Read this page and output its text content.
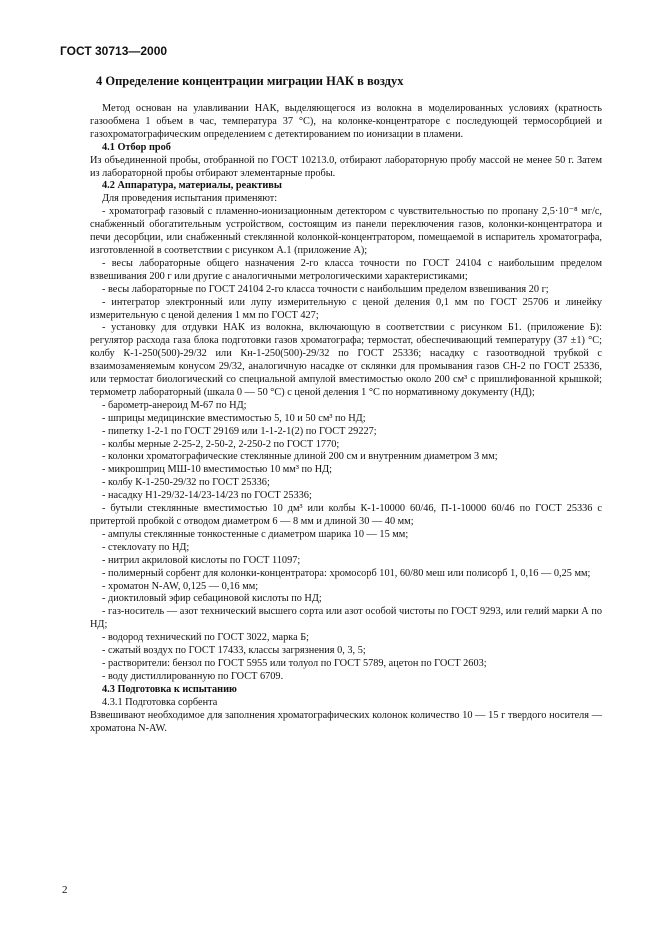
ГОСТ 30713—2000
4 Определение концентрации миграции НАК в воздух
Метод основан на улавливании НАК, выделяющегося из волокна в моделированных условиях (кратность газообмена 1 объем в час, температура 37 °С), на колонке-концентраторе с последующей термосорбцией и газохроматографическим определением с детектированием по ионизации в пламени.
4.1 Отбор проб
Из объединенной пробы, отобранной по ГОСТ 10213.0, отбирают лабораторную пробу массой не менее 50 г. Затем из лабораторной пробы отбирают элементарные пробы.
4.2 Аппаратура, материалы, реактивы
Для проведения испытания применяют:
- хроматограф газовый с пламенно-ионизационным детектором с чувствительностью по пропану 2,5·10⁻⁸ мг/с, снабженный обогатительным устройством, состоящим из панели переключения газов, колонки-концентратора и печи десорбции, или снабженный стеклянной колонкой-концентратором, помещаемой в испаритель хроматографа, изготовленной в соответствии с рисунком А.1 (приложение А);
- весы лабораторные общего назначения 2-го класса точности по ГОСТ 24104 с наибольшим пределом взвешивания 200 г или другие с аналогичными метрологическими характеристиками;
- весы лабораторные по ГОСТ 24104 2-го класса точности с наибольшим пределом взвешивания 20 г;
- интегратор электронный или лупу измерительную с ценой деления 0,1 мм по ГОСТ 25706 и линейку измерительную с ценой деления 1 мм по ГОСТ 427;
- установку для отдувки НАК из волокна, включающую в соответствии с рисунком Б1. (приложение Б): регулятор расхода газа блока подготовки газов хроматографа; термостат, обеспечивающий температуру (37 ±1) °С; колбу К-1-250(500)-29/32 или Кн-1-250(500)-29/32 по ГОСТ 25336; насадку с газоотводной трубкой с взаимозаменяемым конусом 29/32, аналогичную насадке от склянки для промывания газов СН-2 по ГОСТ 25336, или термостат биологический со специальной ампулой вместимостью около 200 см³ с пришлифованной крышкой; термометр лабораторный (шкала 0 — 50 °С) с ценой деления 1 °С по нормативному документу (НД);
- барометр-анероид М-67 по НД;
- шприцы медицинские вместимостью 5, 10 и 50 см³ по НД;
- пипетку 1-2-1 по ГОСТ 29169 или 1-1-2-1(2) по ГОСТ 29227;
- колбы мерные 2-25-2, 2-50-2, 2-250-2 по ГОСТ 1770;
- колонки хроматографические стеклянные длиной 200 см и внутренним диаметром 3 мм;
- микрошприц МШ-10 вместимостью 10 мм³ по НД;
- колбу К-1-250-29/32 по ГОСТ 25336;
- насадку Н1-29/32-14/23-14/23 по ГОСТ 25336;
- бутыли стеклянные вместимостью 10 дм³ или колбы К-1-10000 60/46, П-1-10000 60/46 по ГОСТ 25336 с притертой пробкой с отводом диаметром 6 — 8 мм и длиной 30 — 40 мм;
- ампулы стеклянные тонкостенные с диаметром шарика 10 — 15 мм;
- стеклovaту по НД;
- нитрил акриловой кислоты по ГОСТ 11097;
- полимерный сорбент для колонки-концентратора: хромосорб 101, 60/80 меш или полисорб 1, 0,16 — 0,25 мм;
- хроматон N-AW, 0,125 — 0,16 мм;
- диоктиловый эфир себациновой кислоты по НД;
- газ-носитель — азот технический высшего сорта или азот особой чистоты по ГОСТ 9293, или гелий марки А по НД;
- водород технический по ГОСТ 3022, марка Б;
- сжатый воздух по ГОСТ 17433, классы загрязнения 0, 3, 5;
- растворители: бензол по ГОСТ 5955 или толуол по ГОСТ 5789, ацетон по ГОСТ 2603;
- воду дистиллированную по ГОСТ 6709.
4.3 Подготовка к испытанию
4.3.1 Подготовка сорбента
Взвешивают необходимое для заполнения хроматографических колонок количество 10 — 15 г твердого носителя — хроматона N-AW.
2
